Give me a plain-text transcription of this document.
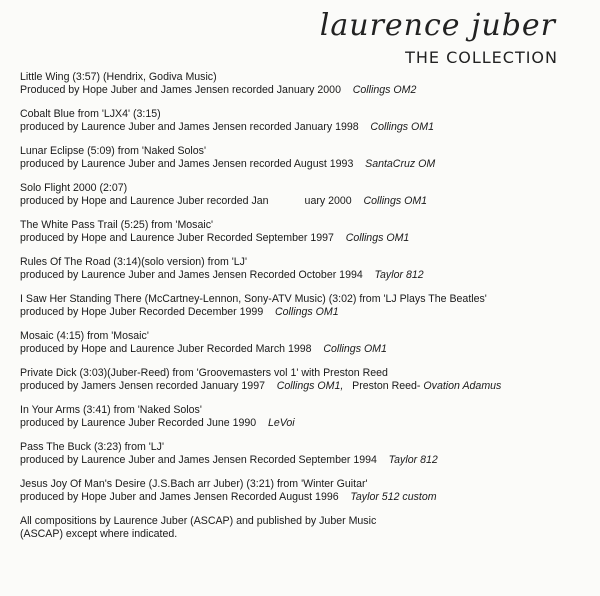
laurence juber
THE COLLECTION
Little Wing (3:57) (Hendrix, Godiva Music)
Produced by Hope Juber and James Jensen recorded January 2000 Collings OM2
Cobalt Blue from 'LJX4' (3:15)
produced by Laurence Juber and James Jensen recorded January 1998 Collings OM1
Lunar Eclipse (5:09) from 'Naked Solos'
produced by Laurence Juber and James Jensen recorded August 1993 SantaCruz OM
Solo Flight 2000 (2:07)
produced by Hope and Laurence Juber recorded Jan	uary 2000 Collings OM1
The White Pass Trail (5:25) from 'Mosaic'
produced by Hope and Laurence Juber Recorded September 1997 Collings OM1
Rules Of The Road (3:14)(solo version) from 'LJ'
produced by Laurence Juber and James Jensen Recorded October 1994 Taylor 812
I Saw Her Standing There (McCartney-Lennon, Sony-ATV Music) (3:02) from 'LJ Plays The Beatles'
produced by Hope Juber Recorded December 1999 Collings OM1
Mosaic (4:15) from 'Mosaic'
produced by Hope and Laurence Juber Recorded March 1998 Collings OM1
Private Dick (3:03)(Juber-Reed) from 'Groovemasters vol 1' with Preston Reed
produced by Jamers Jensen recorded January 1997 Collings OM1, Preston Reed- Ovation Adamus
In Your Arms (3:41) from 'Naked Solos'
produced by Laurence Juber Recorded June 1990 LeVoi
Pass The Buck (3:23) from 'LJ'
produced by Laurence Juber and James Jensen Recorded September 1994 Taylor 812
Jesus Joy Of Man's Desire (J.S.Bach arr Juber) (3:21) from 'Winter Guitar'
produced by Hope Juber and James Jensen Recorded August 1996 Taylor 512 custom
All compositions by Laurence Juber (ASCAP) and published by Juber Music
(ASCAP) except where indicated.
